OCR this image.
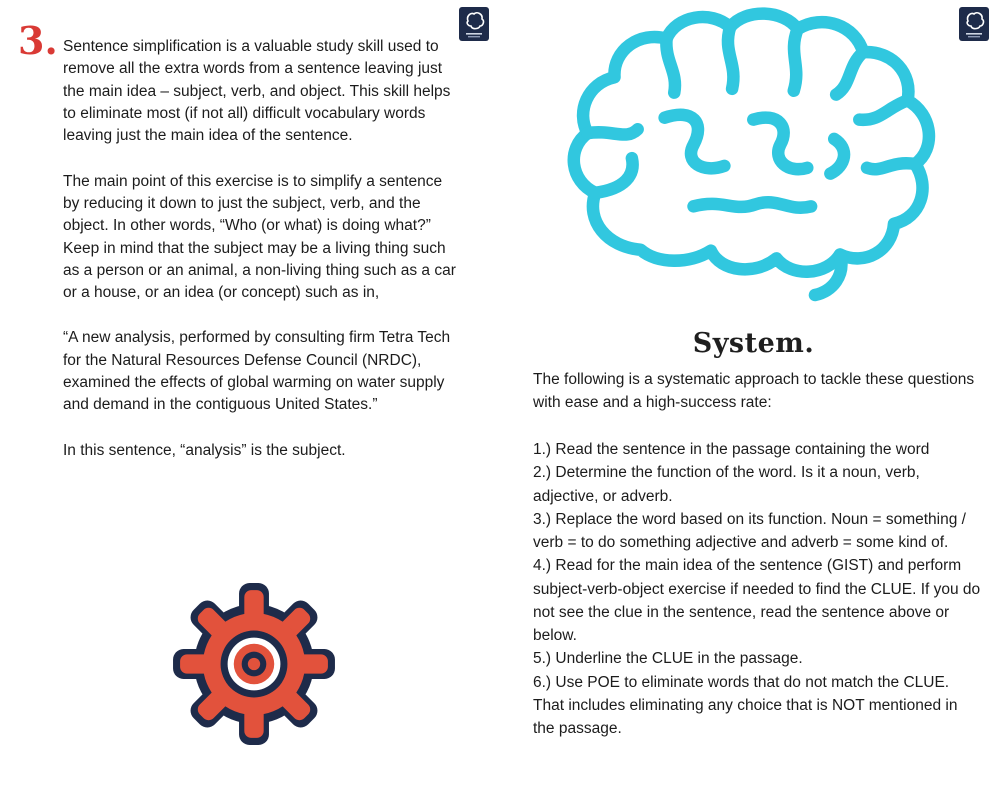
3. Sentence simplification is a valuable study skill used to remove all the extra words from a sentence leaving just the main idea – subject, verb, and object. This skill helps to eliminate most (if not all) difficult vocabulary words leaving just the main idea of the sentence.

The main point of this exercise is to simplify a sentence by reducing it down to just the subject, verb, and the object. In other words, “Who (or what) is doing what?” Keep in mind that the subject may be a living thing such as a person or an animal, a non-living thing such as a car or a house, or an idea (or concept) such as in,

“A new analysis, performed by consulting firm Tetra Tech for the Natural Resources Defense Council (NRDC), examined the effects of global warming on water supply and demand in the contiguous United States.”

In this sentence, “analysis” is the subject.

System.

The following is a systematic approach to tackle these questions with ease and a high-success rate:

1.) Read the sentence in the passage containing the word

2.) Determine the function of the word. Is it a noun, verb, adjective, or adverb.

3.) Replace the word based on its function. Noun = something / verb = to do something adjective and adverb = some kind of.

4.) Read for the main idea of the sentence (GIST) and perform subject-verb-object exercise if needed to find the CLUE. If you do not see the clue in the sentence, read the sentence above or below.

5.) Underline the CLUE in the passage.

6.) Use POE to eliminate words that do not match the CLUE. That includes eliminating any choice that is NOT mentioned in the passage.
